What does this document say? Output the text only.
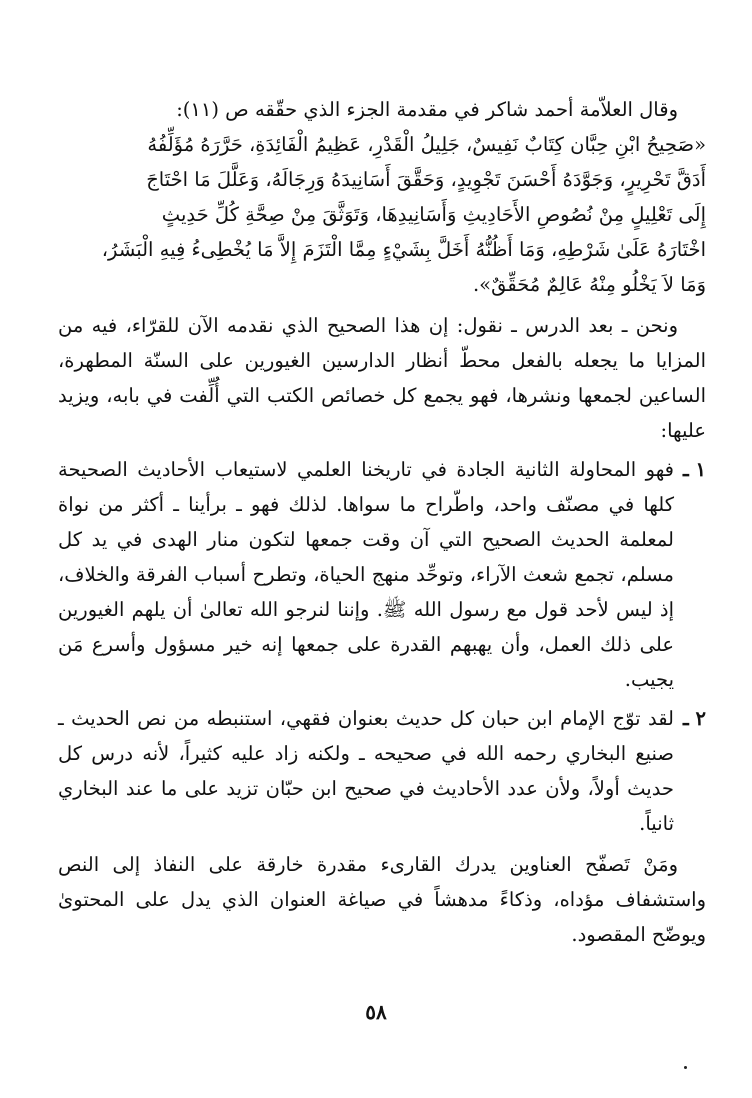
وقال العلاّمة أحمد شاكر في مقدمة الجزء الذي حقّقه ص (١١):

«صَحِيحُ ابْنِ حِبَّان كِتَابٌ نَفِيسٌ، جَلِيلُ الْقَدْرِ، عَظِيمُ الْفَائِدَةِ، حَرَّرَهُ مُؤَلِّفُهُ
أَدَقَّ تَحْرِيرٍ، وَجَوَّدَهُ أَحْسَنَ تَجْوِيدٍ، وَحَقَّقَ أَسَانِيدَهُ وَرِجَالَهُ، وَعَلَّلَ مَا احْتَاجَ
إِلَى تَعْلِيلٍ مِنْ نُصُوصِ الأَحَادِيثِ وَأَسَانِيدِهَا، وَتَوَثَّقَ مِنْ صِحَّةِ كُلِّ حَدِيثٍ
اخْتَارَهُ عَلَىٰ شَرْطِهِ، وَمَا أَظُنُّهُ أَخَلَّ بِشَيْءٍ مِمَّا الْتَزَمَ إِلاَّ مَا يُخْطِىءُ فِيهِ الْبَشَرُ،
وَمَا لاَ يَخْلُو مِنْهُ عَالِمٌ مُحَقِّقٌ».

ونحن ـ بعد الدرس ـ نقول: إن هذا الصحيح الذي نقدمه الآن للقرّاء، فيه من المزايا ما يجعله بالفعل محطّ أنظار الدارسين الغيورين على السنّة المطهرة، الساعين لجمعها ونشرها، فهو يجمع كل خصائص الكتب التي أُلِّفت في بابه، ويزيد عليها:

١ ـ
فهو المحاولة الثانية الجادة في تاريخنا العلمي لاستيعاب الأحاديث الصحيحة كلها في مصنّف واحد، واطّراح ما سواها. لذلك فهو ـ برأينا ـ أكثر من نواة لمعلمة الحديث الصحيح التي آن وقت جمعها لتكون منار الهدى في يد كل مسلم، تجمع شعث الآراء، وتوحِّد منهج الحياة، وتطرح أسباب الفرقة والخلاف، إذ ليس لأحد قول مع رسول الله ﷺ. وإننا لنرجو الله تعالىٰ أن يلهم الغيورين على ذلك العمل، وأن يهبهم القدرة على جمعها إنه خير مسؤول وأسرع مَن يجيب.
٢ ـ
لقد توّج الإمام ابن حبان كل حديث بعنوان فقهي، استنبطه من نص الحديث ـ صنيع البخاري رحمه الله في صحيحه ـ ولكنه زاد عليه كثيراً، لأنه درس كل حديث أولاً، ولأن عدد الأحاديث في صحيح ابن حبّان تزيد على ما عند البخاري ثانياً.

ومَنْ تَصفّح العناوين يدرك القارىء مقدرة خارقة على النفاذ إلى النص واستشفاف مؤداه، وذكاءً مدهشاً في صياغة العنوان الذي يدل على المحتوىٰ ويوضّح المقصود.

٥٨
